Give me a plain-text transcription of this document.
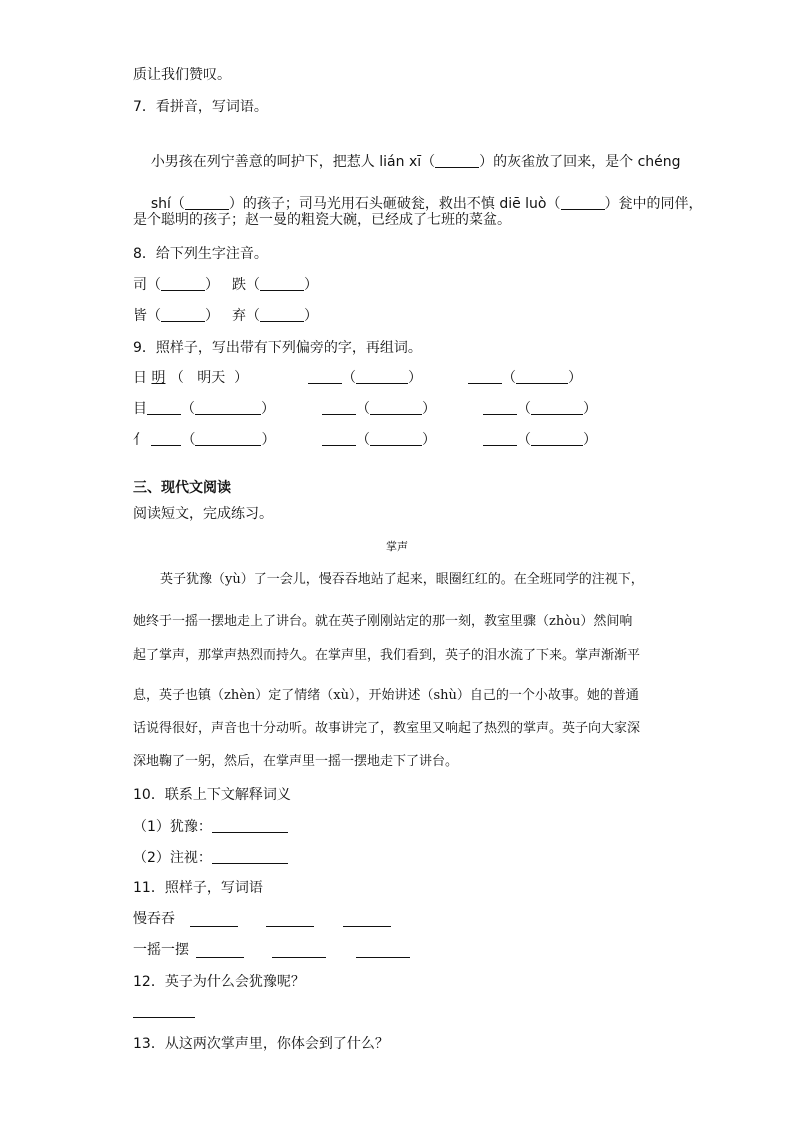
质让我们赞叹。
7．看拼音，写词语。

小男孩在列宁善意的呵护下，把惹人 lián xī（	）的灰雀放了回来，是个 chéng

shí（	）的孩子；司马光用石头砸破瓮，救出不慎 diē luò（	）瓮中的同伴，

是个聪明的孩子；赵一曼的粗瓷大碗，已经成了七班的菜盆。
8．给下列生字注音。
司（	） 跌（	）
皆（	） 弃（	）
9．照样子，写出带有下列偏旁的字，再组词。
日 明 （   明天  ）	（	）	（	）
目 （	）	（	）	（	）
亻 （	）	（	）	（	）
三、现代文阅读
阅读短文，完成练习。
掌声
英子犹豫（yù）了一会儿，慢吞吞地站了起来，眼圈红红的。在全班同学的注视下，
她终于一摇一摆地走上了讲台。就在英子刚刚站定的那一刻，教室里骤（zhòu）然间响
起了掌声，那掌声热烈而持久。在掌声里，我们看到，英子的泪水流了下来。掌声渐渐平
息，英子也镇（zhèn）定了情绪（xù），开始讲述（shù）自己的一个小故事。她的普通
话说得很好，声音也十分动听。故事讲完了，教室里又响起了热烈的掌声。英子向大家深
深地鞠了一躬，然后，在掌声里一摇一摆地走下了讲台。
10．联系上下文解释词义
（1）犹豫：
（2）注视：
11．照样子，写词语
慢吞吞
一摇一摆
12．英子为什么会犹豫呢？
13．从这两次掌声里，你体会到了什么？
